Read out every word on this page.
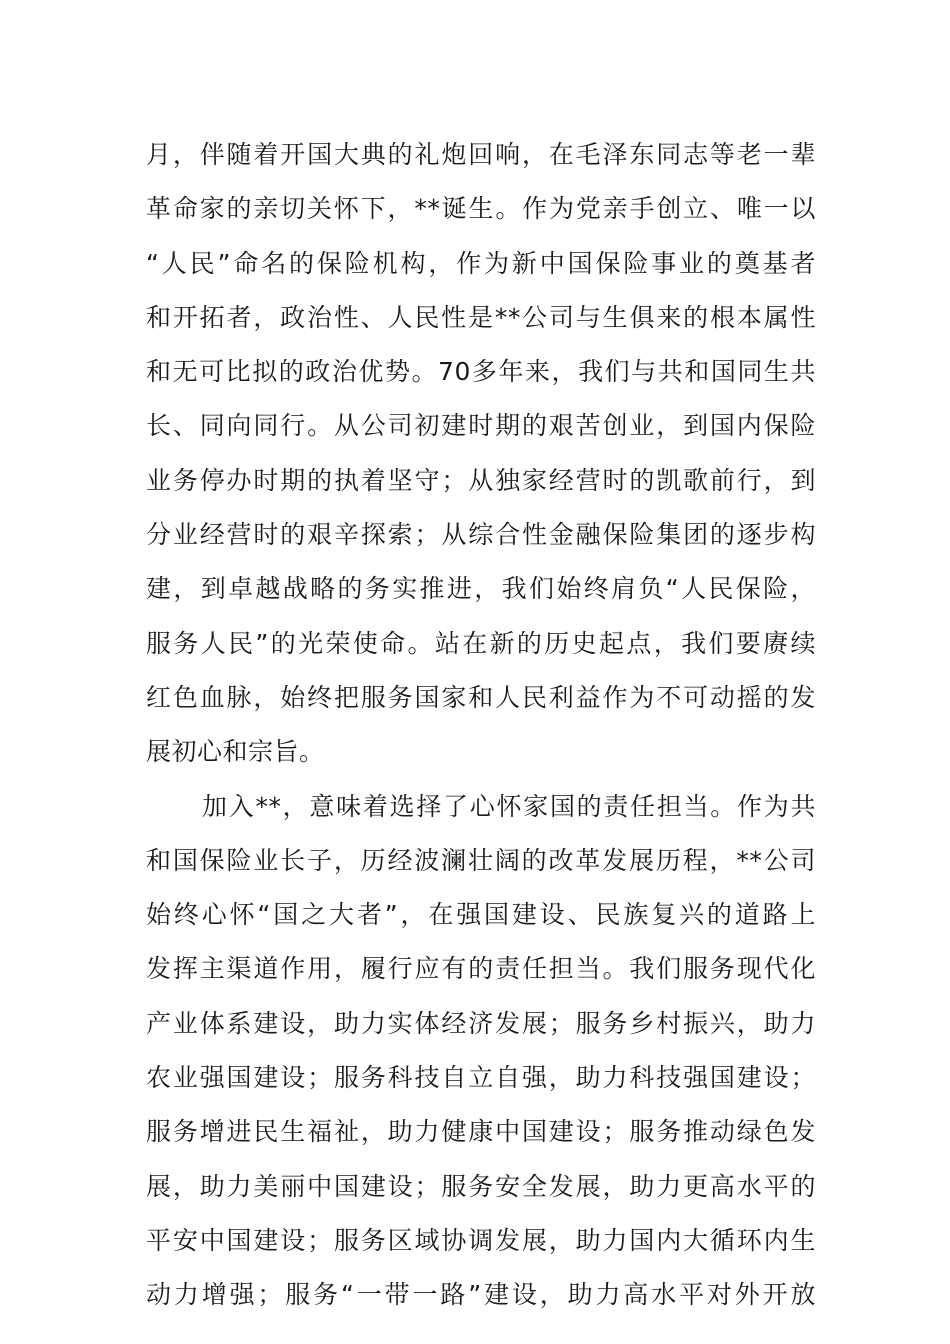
月，伴随着开国大典的礼炮回响，在毛泽东同志等老一辈
革命家的亲切关怀下，**诞生。作为党亲手创立、唯一以
“人民”命名的保险机构，作为新中国保险事业的奠基者
和开拓者，政治性、人民性是**公司与生俱来的根本属性
和无可比拟的政治优势。70多年来，我们与共和国同生共
长、同向同行。从公司初建时期的艰苦创业，到国内保险
业务停办时期的执着坚守；从独家经营时的凯歌前行，到
分业经营时的艰辛探索；从综合性金融保险集团的逐步构
建，到卓越战略的务实推进，我们始终肩负“人民保险，
服务人民”的光荣使命。站在新的历史起点，我们要赓续
红色血脉，始终把服务国家和人民利益作为不可动摇的发
展初心和宗旨。
加入**，意味着选择了心怀家国的责任担当。作为共
和国保险业长子，历经波澜壮阔的改革发展历程，**公司
始终心怀“国之大者”，在强国建设、民族复兴的道路上
发挥主渠道作用，履行应有的责任担当。我们服务现代化
产业体系建设，助力实体经济发展；服务乡村振兴，助力
农业强国建设；服务科技自立自强，助力科技强国建设；
服务增进民生福祉，助力健康中国建设；服务推动绿色发
展，助力美丽中国建设；服务安全发展，助力更高水平的
平安中国建设；服务区域协调发展，助力国内大循环内生
动力增强；服务“一带一路”建设，助力高水平对外开放
